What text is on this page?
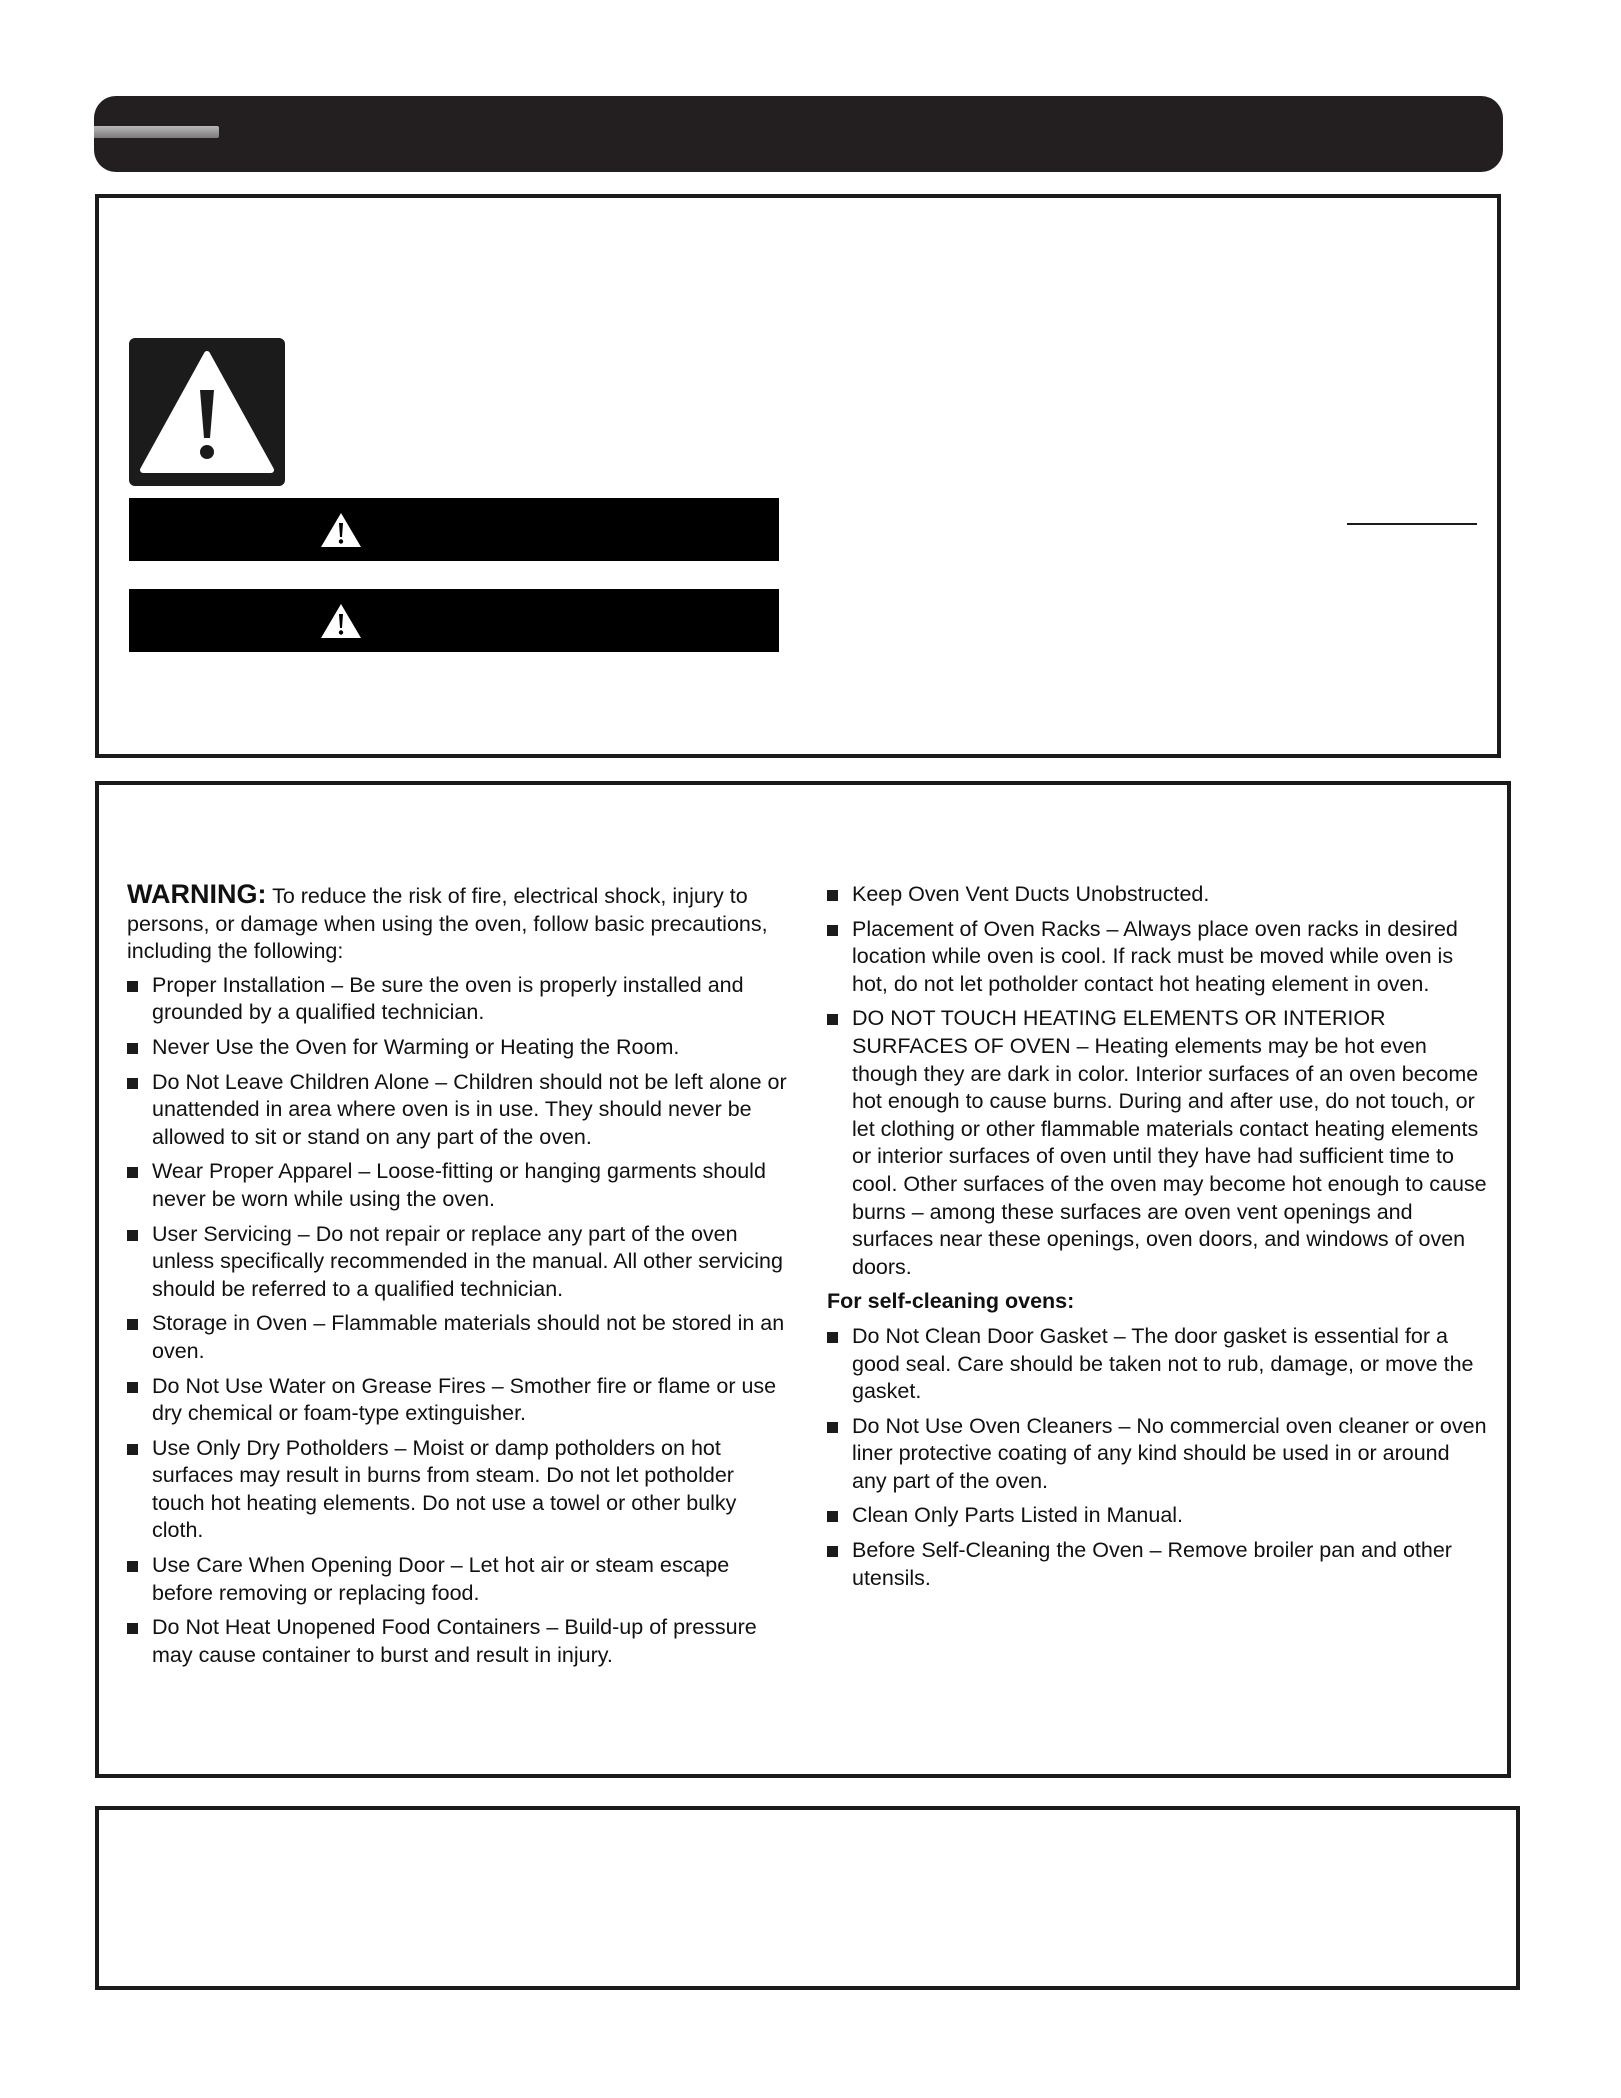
WARNING: To reduce the risk of fire, electrical shock, injury to persons, or damage when using the oven, follow basic precautions, including the following:

Proper Installation – Be sure the oven is properly installed and grounded by a qualified technician.
Never Use the Oven for Warming or Heating the Room.
Do Not Leave Children Alone – Children should not be left alone or unattended in area where oven is in use. They should never be allowed to sit or stand on any part of the oven.
Wear Proper Apparel – Loose-fitting or hanging garments should never be worn while using the oven.
User Servicing – Do not repair or replace any part of the oven unless specifically recommended in the manual. All other servicing should be referred to a qualified technician.
Storage in Oven – Flammable materials should not be stored in an oven.
Do Not Use Water on Grease Fires – Smother fire or flame or use dry chemical or foam-type extinguisher.
Use Only Dry Potholders – Moist or damp potholders on hot surfaces may result in burns from steam. Do not let potholder touch hot heating elements. Do not use a towel or other bulky cloth.
Use Care When Opening Door – Let hot air or steam escape before removing or replacing food.
Do Not Heat Unopened Food Containers – Build-up of pressure may cause container to burst and result in injury.
Keep Oven Vent Ducts Unobstructed.
Placement of Oven Racks – Always place oven racks in desired location while oven is cool. If rack must be moved while oven is hot, do not let potholder contact hot heating element in oven.
DO NOT TOUCH HEATING ELEMENTS OR INTERIOR SURFACES OF OVEN – Heating elements may be hot even though they are dark in color. Interior surfaces of an oven become hot enough to cause burns. During and after use, do not touch, or let clothing or other flammable materials contact heating elements or interior surfaces of oven until they have had sufficient time to cool. Other surfaces of the oven may become hot enough to cause burns – among these surfaces are oven vent openings and surfaces near these openings, oven doors, and windows of oven doors.
For self-cleaning ovens:
Do Not Clean Door Gasket – The door gasket is essential for a good seal. Care should be taken not to rub, damage, or move the gasket.
Do Not Use Oven Cleaners – No commercial oven cleaner or oven liner protective coating of any kind should be used in or around any part of the oven.
Clean Only Parts Listed in Manual.
Before Self-Cleaning the Oven – Remove broiler pan and other utensils.
